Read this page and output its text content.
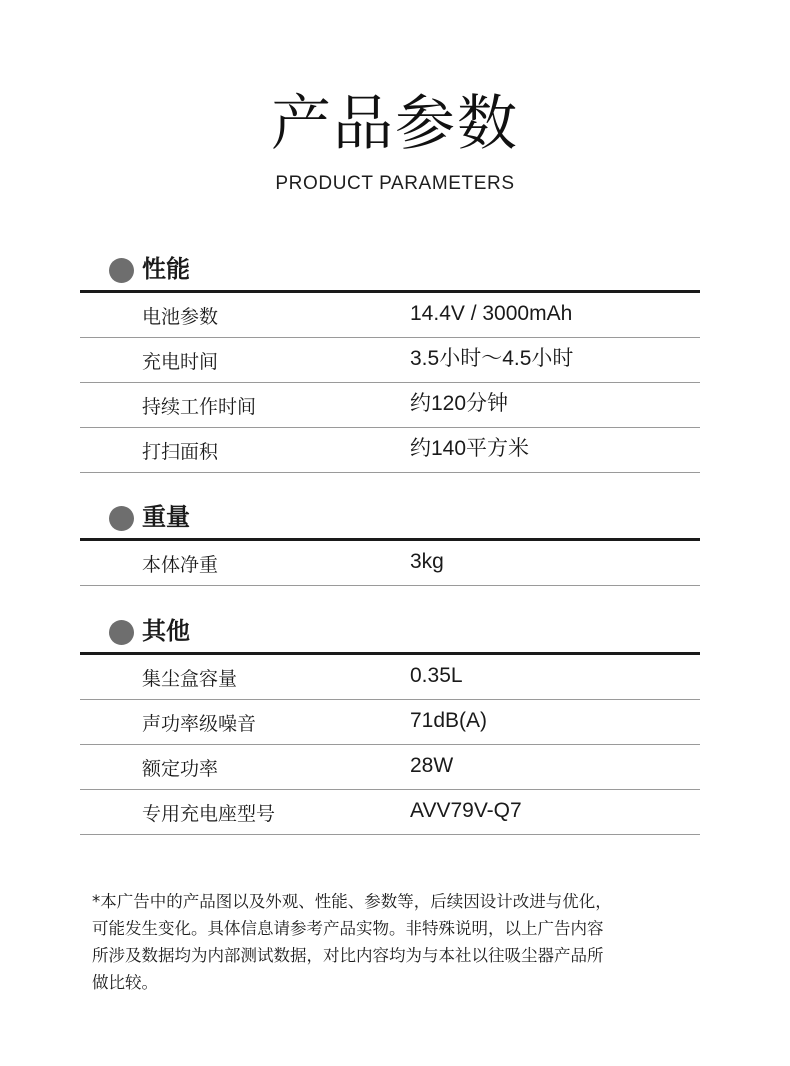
产品参数
PRODUCT PARAMETERS
性能
电池参数	14.4V / 3000mAh
充电时间	3.5小时～4.5小时
持续工作时间	约120分钟
打扫面积	约140平方米
重量
本体净重	3kg
其他
集尘盒容量	0.35L
声功率级噪音	71dB(A)
额定功率	28W
专用充电座型号	AVV79V-Q7
*本广告中的产品图以及外观、性能、参数等，后续因设计改进与优化，
可能发生变化。具体信息请参考产品实物。非特殊说明，以上广告内容
所涉及数据均为内部测试数据，对比内容均为与本社以往吸尘器产品所
做比较。
